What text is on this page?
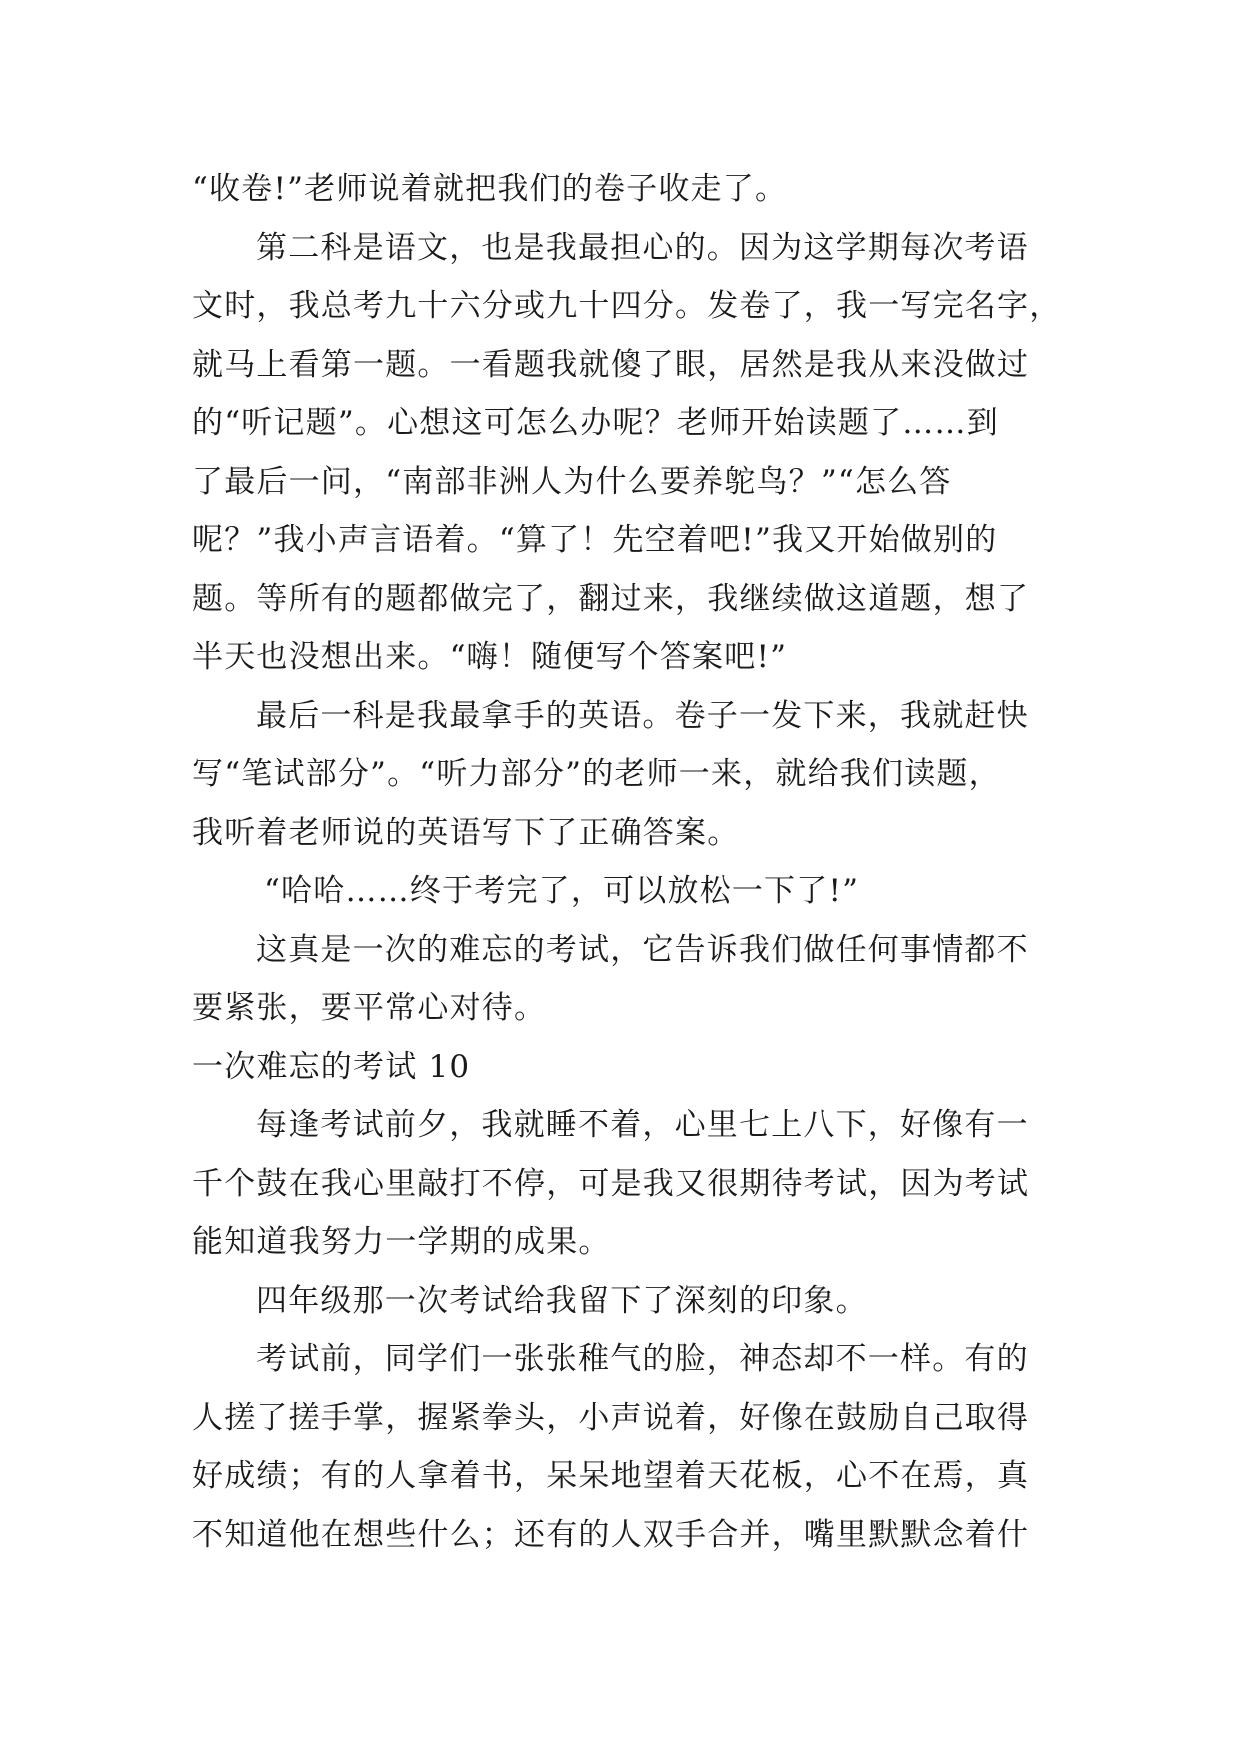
“收卷!”老师说着就把我们的卷子收走了。
第二科是语文，也是我最担心的。因为这学期每次考语
文时，我总考九十六分或九十四分。发卷了，我一写完名字，
就马上看第一题。一看题我就傻了眼，居然是我从来没做过
的“听记题”。心想这可怎么办呢？老师开始读题了……到
了最后一问，“南部非洲人为什么要养鸵鸟？”“怎么答
呢？”我小声言语着。“算了！先空着吧!”我又开始做别的
题。等所有的题都做完了，翻过来，我继续做这道题，想了
半天也没想出来。“嗨！随便写个答案吧!”
最后一科是我最拿手的英语。卷子一发下来，我就赶快
写“笔试部分”。“听力部分”的老师一来，就给我们读题，
我听着老师说的英语写下了正确答案。
“哈哈……终于考完了，可以放松一下了!”
这真是一次的难忘的考试，它告诉我们做任何事情都不
要紧张，要平常心对待。
一次难忘的考试 10
每逢考试前夕，我就睡不着，心里七上八下，好像有一
千个鼓在我心里敲打不停，可是我又很期待考试，因为考试
能知道我努力一学期的成果。
四年级那一次考试给我留下了深刻的印象。
考试前，同学们一张张稚气的脸，神态却不一样。有的
人搓了搓手掌，握紧拳头，小声说着，好像在鼓励自己取得
好成绩；有的人拿着书，呆呆地望着天花板，心不在焉，真
不知道他在想些什么；还有的人双手合并，嘴里默默念着什
